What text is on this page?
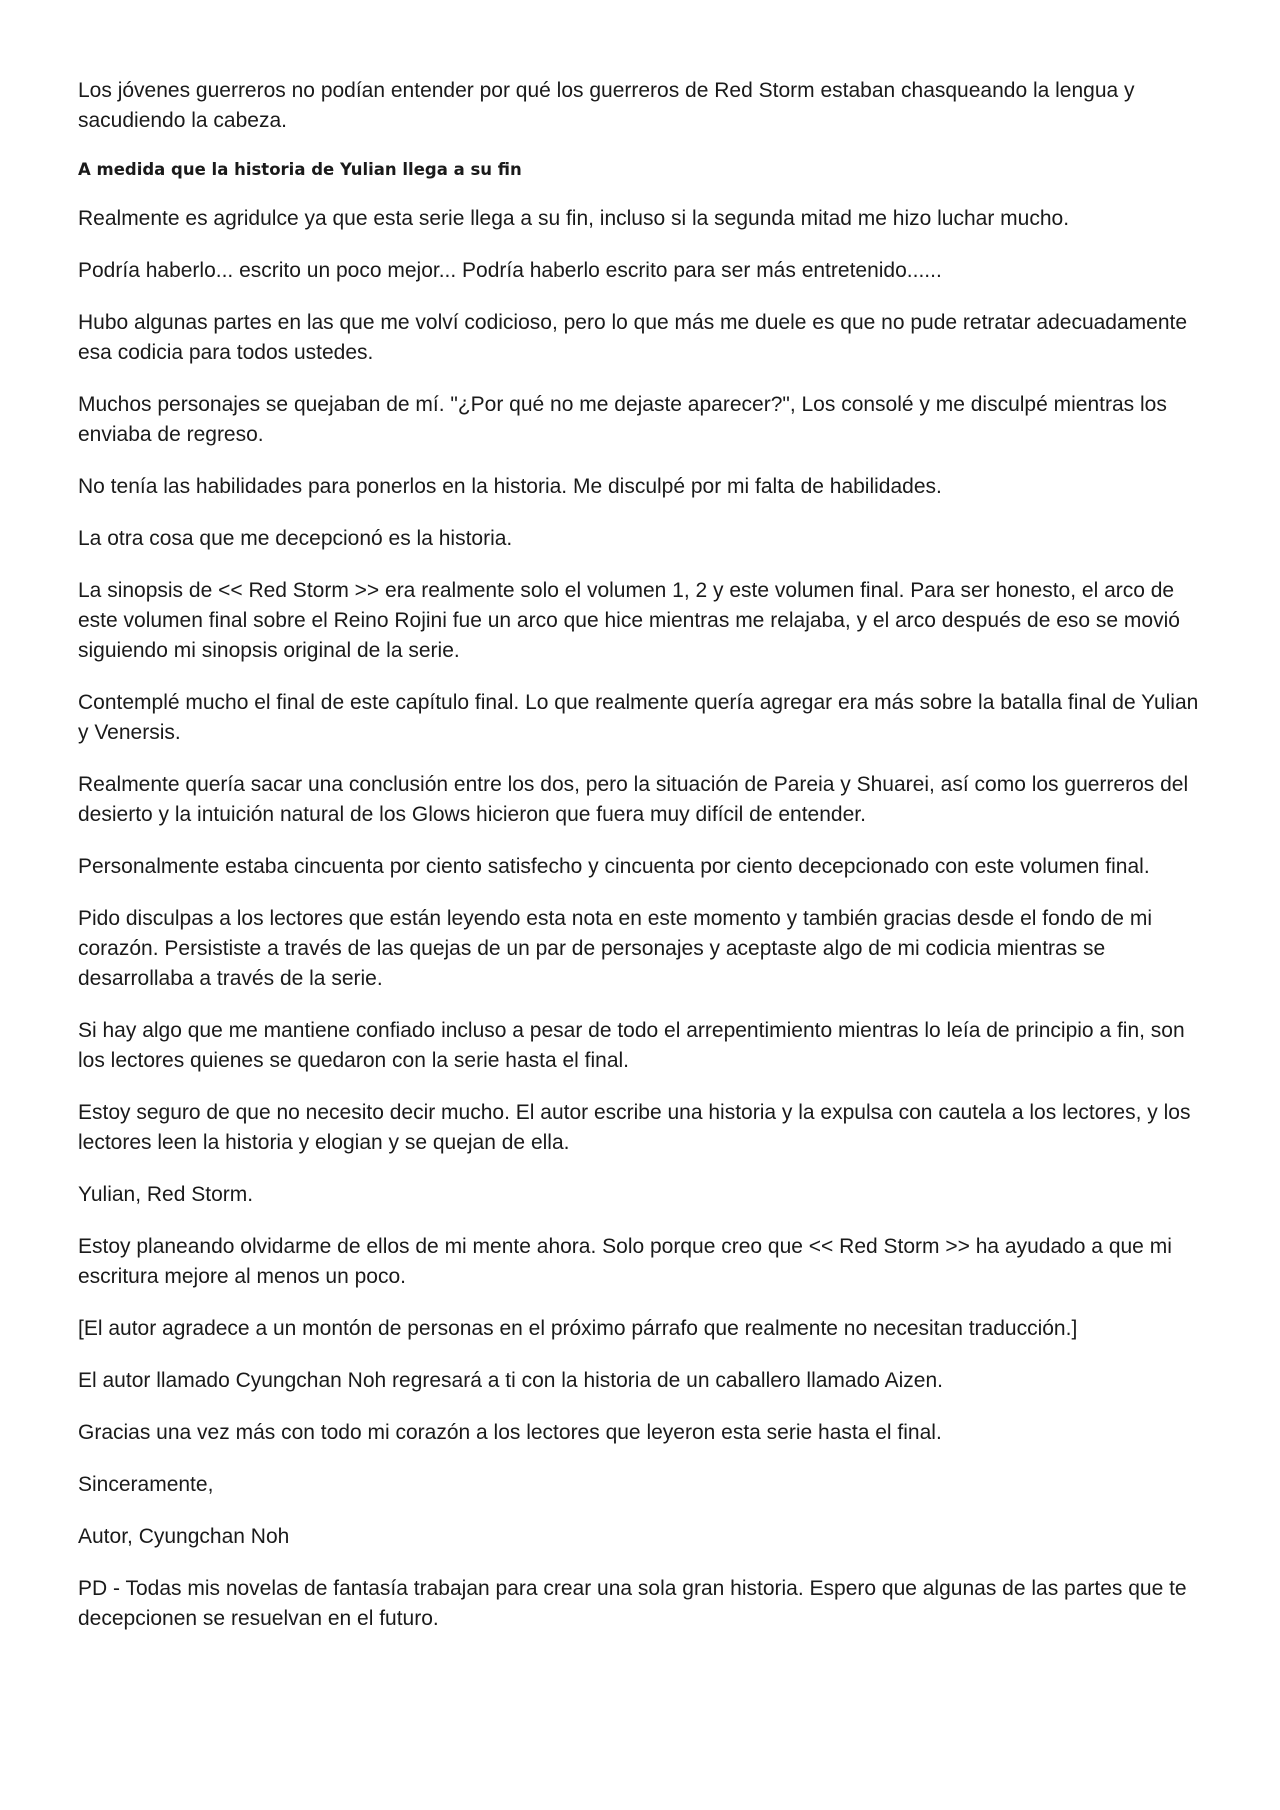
Los jóvenes guerreros no podían entender por qué los guerreros de Red Storm estaban chasqueando la lengua y sacudiendo la cabeza.

A medida que la historia de Yulian llega a su fin

Realmente es agridulce ya que esta serie llega a su fin, incluso si la segunda mitad me hizo luchar mucho.

Podría haberlo... escrito un poco mejor... Podría haberlo escrito para ser más entretenido......

Hubo algunas partes en las que me volví codicioso, pero lo que más me duele es que no pude retratar adecuadamente esa codicia para todos ustedes.

Muchos personajes se quejaban de mí. "¿Por qué no me dejaste aparecer?", Los consolé y me disculpé mientras los enviaba de regreso.

No tenía las habilidades para ponerlos en la historia. Me disculpé por mi falta de habilidades.

La otra cosa que me decepcionó es la historia.

La sinopsis de << Red Storm >> era realmente solo el volumen 1, 2 y este volumen final. Para ser honesto, el arco de este volumen final sobre el Reino Rojini fue un arco que hice mientras me relajaba, y el arco después de eso se movió siguiendo mi sinopsis original de la serie.

Contemplé mucho el final de este capítulo final. Lo que realmente quería agregar era más sobre la batalla final de Yulian y Venersis.

Realmente quería sacar una conclusión entre los dos, pero la situación de Pareia y Shuarei, así como los guerreros del desierto y la intuición natural de los Glows hicieron que fuera muy difícil de entender.

Personalmente estaba cincuenta por ciento satisfecho y cincuenta por ciento decepcionado con este volumen final.

Pido disculpas a los lectores que están leyendo esta nota en este momento y también gracias desde el fondo de mi corazón. Persististe a través de las quejas de un par de personajes y aceptaste algo de mi codicia mientras se desarrollaba a través de la serie.

Si hay algo que me mantiene confiado incluso a pesar de todo el arrepentimiento mientras lo leía de principio a fin, son los lectores quienes se quedaron con la serie hasta el final.

Estoy seguro de que no necesito decir mucho. El autor escribe una historia y la expulsa con cautela a los lectores, y los lectores leen la historia y elogian y se quejan de ella.

Yulian, Red Storm.

Estoy planeando olvidarme de ellos de mi mente ahora. Solo porque creo que << Red Storm >> ha ayudado a que mi escritura mejore al menos un poco.

[El autor agradece a un montón de personas en el próximo párrafo que realmente no necesitan traducción.]

El autor llamado Cyungchan Noh regresará a ti con la historia de un caballero llamado Aizen.

Gracias una vez más con todo mi corazón a los lectores que leyeron esta serie hasta el final.

Sinceramente,

Autor, Cyungchan Noh

PD - Todas mis novelas de fantasía trabajan para crear una sola gran historia. Espero que algunas de las partes que te decepcionen se resuelvan en el futuro.
